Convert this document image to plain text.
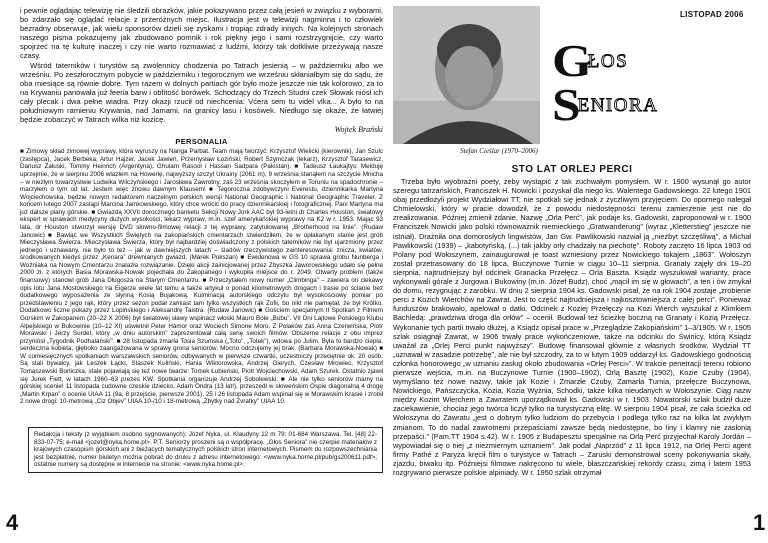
i pewnie oglądając telewizję nie śledzili obrazków, jakie pokazywano przez całą jesień w związku z wyborami, bo zdarzało się oglądać relacje z przeróżnych miejsc. Ilustracja jest w telewizji nagminna i to człowiek bezradny obserwuje, jak wielu sponsorów dzieli się zyskami i tropiąc zdrady innych. Na kolejnych stronach naszego pisma pokazujemy jak zbudowano pomnik i rok piękny jego i sami rozstrzygnijcie, czy warto spojrzeć na tę kulturę inaczej i czy nie warto rozmawiać z ludźmi, którzy tak dotkliwie przeżywają nasze czasy.

Wśród taterników i turystów są zwolennicy chodzenia po Tatrach jesienią – w październiku albo we wrześniu. Po zeszłorocznym pobycie w październiku i tegorocznym we wrześniu skłaniałbym się do sądu, że oba miesiące są równie dobre. Tym razem w dolnych partiach gór było może jeszcze nie tak kolorowo, za to na Krywaniu panowała już feeria barw i obfitość borówek. Schodzący do Trzech Studni czek Słowak niósł ich cały plecak i dwa pełne wiadra. Przy okazji rzucił od niechcenia: Vćera sem tu videl vlka... A było to na południowym ramieniu Krywania, nad Jamami, na granicy lasu i kosówek. Niedługo się okaże, że łatwiej będzie zobaczyć w Tatrach wilka niż kozicę.

Wojtek Brański
PERSONALIA
■ Zimowy skład zimowej wyprawy, która wyruszy na Nanga Parbat. Team mają tworzyć: Krzysztof Wielicki (kierownik), Jan Szulc (zastępca), Jacek Berbeka, Artur Hajzer, Jacek Jawień, Przemysław Łoziński, Robert Szymczak (lekarz), Krzysztof Tarasewicz, Dariusz Załuski, Tommy Heinrich (Argentyna), Ghulam Rasool i Hassan Sadpara (Pakistan). ■ Tadeusz Łaukajtys: Melduję uprzejmie, że w sierpniu 2006 wlazłem na Howerlę, najwyższy szczyt Ukrainy (2061 m), 9 września stanąłem na szczycie Mnicha – w niezłym towarzystwie Ludwika Wilczyńskiego i Jarosława Zawrotny, zaś 23 września skoczyłem w Toruniu na spadochronie – marzyłem o tym od lat. Jestem więc znowu dawnym Klausem! ■ Tegoroczna zdobywczyni Everestu, dziennikarka Martyna Wojciechowska, będzie nowym redaktorem naczelnym polskich wersji National Geographic i National Geographic Traveler. Z końcem lutego 2007 zastąpi Marcina Jamkowskiego, który chce wrócić do pracy dziennikarskiej i fotograficznej. Pani Martyna ma już dalsze plany górskie. ■ Gwiazdą XXVII dorocznego banketu Sekcji Nowy Jork AAC był 93-letni dr Charles Houston, światowy ekspert w sprawach medycyny dużych wysokości, lekarz wypraw, m.in. szef amerykańskiej wyprawy na K2 w r. 1953. Mając 93 lata, dr Houston stworzył wersję DVD słowno-filmowej relacji z tej wyprawy, zatytułowanej „Brotherhood na linie”. (Rudaw Janowic) ■ Bawiąc we Wszystkich Świętych na zakopiańskich cmentarzach stwierdziłem, że w opłakanym stanie jest grób Mieczysława Świerza. Mieczysława Świerza, który był najbardziej doświadczony z polskich taterników nie był ujarzmiony przez jednego i uznawany, nie było to też – jak w dawniejszych latach – śladów rzeczywistego zainteresowania: znicza, kwiatów, środkowanych kiedyś przez „Kenara” drewnianych gwiazd. (Marek Pokszan) ■ Ewidenowa w GS 10 sprawa grobu Nunberga i Woźniaka na Nowym Cmentarzu znalazła rozwiązanie. Dzięki akcji zainicjowanej przez Zbyszka Jaworowskiego udało się pełne 2000 zł. z których Basia Morawska-Nowak pojechała do Zakopanego i wykupiła miejsce do r. 2049. Otwarty problem (także finansowy) stanowi grób Jana Długosza na Starym Cmentarzu. ■ Przeczytałem nowy numer „Climbinga” – zawiera on ciekawy opis lotu Jana Mostowskiego na Eigerze wiele lat temu a także artykuł o ponad kilometrowych drogach i trasie po ścianie bez dodatkowego wyposażenia ze słynną Kosią Bujakową. Kulminacją autorskiego odczytu był wysokościowy pomiar po przedstawieniu z jego rąk, który przez sezon podał zamiast tam tylko wszystkich rąk Zofii, bo nikt nie pamiętał, że był Krótko. Dodatkowo liczne pokazy przez Lopińskiego i Aleksandrę Taistra. (Rudaw Janowic) ■ Gościem specjalnym II Spotkań z Filmem Górskim w Zakopanem (20–22 X 2006) był światowej sławy wspinacz włoski Mauro Bole „Bubu”. VII Dni Lajtowe Polskiego Klubu Alpejskiego w Bukowinie (10–12 XI) uświetnił Peter Hámor oraz Wociech Simone Moro. Z Polaków zaś Anna Czerwińska, Piotr Morawski i Jerzy Surdel, który „w dniu autorskim” zaprezentował całą serię swoich filmów. Obszerne relacje z obu imprez przyniósł „Tygodnik Podhalański”. ■ 28 listopada zmarła Tosia Szumska („Toto”, „Totek”), wdowa po Julim. Była to bardzo ciepła, serdeczna kobieta, głęboko zaangażowana w sprawy grona seniorów. Mocno odczujemy jej brak. (Barbara Morawska-Nowak) ■ W comiesięcznych spotkaniach warszawskich seniorów, odbywanych w pierwsze czwartki, uczestniczy przeciętnie ok. 20 osób. Są stali bywalcy, jak Leszek Łącki, Staszek Kuliński, Hania Wiktorowska, Andrzej Gierych, Czesław Mrowiec, Krzysztof Tomaszewski Borliczka, stale pojawiają się też nowe twarze: Tomek Łubieński, Piotr Wojciechowski, Adam Szurek. Ostatnio zjawił się Jurek Fiett, w latach 1960–63 prezes KW. Spotkania organizuje Andrzej Sobolewski. ■ Ale nie tylko seniorów mamy na górskiej scenie! 11 listopada cudowne czeskie dziecko, Adam Ondra (13 lat!), przeszedł w słoweńskim Ospie diagonalną 4 drogę „Martin Krpan” o ocenie UIAA 11 (9a, 8 przejście, pierwsze 2001). 25 i 26 listopada Adam wspinał się w Morawskim Krasie i zrobił 2 nowe drogi: 10-metrową „Ciz Objev” UIAA 10-/10 i 18-metrową „Zbytky nad Zvratky” UIAA 10.
Redakcja i teksty (z wyjątkiem osobno sygnowanych): Józef Nyka, ul. Klaudyny 12 m 79: 01-684 Warszawa. Tel. [48] 22-833-07-75; e-mail <jozef@nyka.home.pl>. P.T. Seniorzy proszeni są o współpracę. „Głos Seniora” nie czerpie materiałów z krajowych czasopism górskich ani z bieżących tematycznych polskich stron internetowych. Pismem do rozpowszechniania jest bezpłatnie, numer biuletyn można pobrać do druku z adresu internetowego: <www.nyka.home.pl/pub/gs200611.pdf>; ostatnie numery są dostępne w internecie na stronie: <www.nyka.home.pl>.
4
LISTOPAD 2006
GŁOS
SENIORA
Stefan Cieślar (1970–2006)
STO LAT ORLEJ PERCI
Trzeba było wyobraźni poety, żeby wystąpić z tak zuchwałym pomysłem. W r. 1900 wysunął go autor szeregu tatrzańskich, Franciszek H. Nowicki i pozyskał dla niego ks. Walentego Gadowskiego. 22 lutego 1901 obaj przedłożyli projekt Wydziałowi TT, nie spotkali się jednak z życzliwym przyjęciem. Do opornego nalegał Chmielowski, który w pracie dowodził, że z powodu niedostępności terenu zamierzenie jest nie do zrealizowania. Później zmienił zdanie. Nazwę „Orla Perć”, jak podaje ks. Gadowski, zaproponował w r. 1900 Franciszek Nowicki jako polski równoważnik niemieckiego „Gratwanderung” (wyraz „Kletterstieg” jeszcze nie istniał). Drażniła ona domorosłych lingwistów, Jan Gw. Pawlikowski nazwał ją „niezbyt szczęśliwą”, a Michał Pawlikowski (1939) – „kabotyńską, (...) tak jakby orły chadzały na piechotę”. Roboty zaczęto 16 lipca 1903 od Polany pod Wołoszynem, zainaugurował je toast wzniesiony przez Nowickiego tokajem „1863”. Wołoszyn został przetrasowany do 18 lipca, Buczynowe Turnie w ciągu 10–11 sierpnia. Granaty zajęły dni 19–20 sierpnia, najtrudniejszy był odcinek Granacka Przełęcz – Orla Baszta. Ksiądz wyszukiwał warianty, prace wykonywali górale z Jurgowa i Bukowiny (m.in. Józef Budz), choć „mącił im się w głowach”, a ten i ów zmykał do domu, rezygnując z zarobku. W dniu 2 sierpnia 1904 ks. Gadowski pisał, że na rok 1904 zostaje „zrobienie perci z Kozich Wierchów na Zawrat. Jest to część najtrudniejsza i najkosztowniejsza z całej perci”. Ponieważ funduszów brakowało, apelował o datki. Odcinek z Koziej Przełęczy na Kozi Wierch wyszukał z Klimkiem Bachledą: „prawdziwa droga dla orłów” – ocenił. Budował też ścieżkę boczną na Granaty i Kozią Przełęcz. Wykonanie tych partii trwało dłużej, a Ksiądz opisał prace w „Przeglądzie Zakopiańskim” 1–3/1905. W r. 1905 szlak osiągnął Zawrat, w 1906 trwały prace wykończeniowe, także na odcinku do Świnicy, którą Ksiądz uważał za „Orlej Perci punkt najwyższy”. Budowę finansował głównie z własnych środków, Wydział TT „uznawał w zasadzie potrzebę”, ale nie był szczodry, za to w lutym 1909 oddarzył ks. Gadowskiego godnością członka honorowego „w uznaniu zasług około zbudowania «Orlej Perci»”. W trakcie penetracji terenu robiono pierwsze wejścia, m.in. na Buczynowe Turnie (1900–1902), Orlą Basztę (1902), Kozie Czuby (1904), wymyślano też nowe nazwy, takie jak Kozie i Zmarzłe Czuby, Zamarła Turnia, przełęcze Buczynowa, Nowickiego, Pańszczycka, Kozia, Kozia Wyżnia, Schodki, także kilka nieudanych w Wołoszynie. Ciąg nazw między Kozim Wierchem a Zawratem uporządkował ks. Gadowski w r. 1903. Nowatorski szlak budził duże zaciekawienie, chociaż jego twórca liczył tylko na turystyczną elitę. W sierpniu 1904 pisał, że cała ścieżka od Wołoszyna do Zawratu „jest o dobrym tylko ludziom do przebycia i podlega tylko raz na kilka lat zwykłym zmianom. To do nadal zawrotnemi przepaściami zawsze będą niedostępne, bo liny i klamry nie zasłonią przepaści.” (Pam.TT 1904 s.42). W r. 1905 z Budapesztu specjalnie na Orlą Perć przyjechał Karoly Jordán – wypowiadał się o niej „z niezmiernym uznaniem”. Jak podał „Naprzód” z 11 lipca 1912, na Orlej Perci agent firmy Pathé z Paryża kręcił film o turystyce w Tatrach – Zaruski demonstrował sceny pokonywania skały, zjazdu, biwaku itp. Późniejsi filmowe nakręcono tu wiele, błaszczańskiej rekordy czasu, zimą i latem 1953 rozgrywano pierwsze polskie alpiniady. W r. 1950 szlak otrzymał
1
